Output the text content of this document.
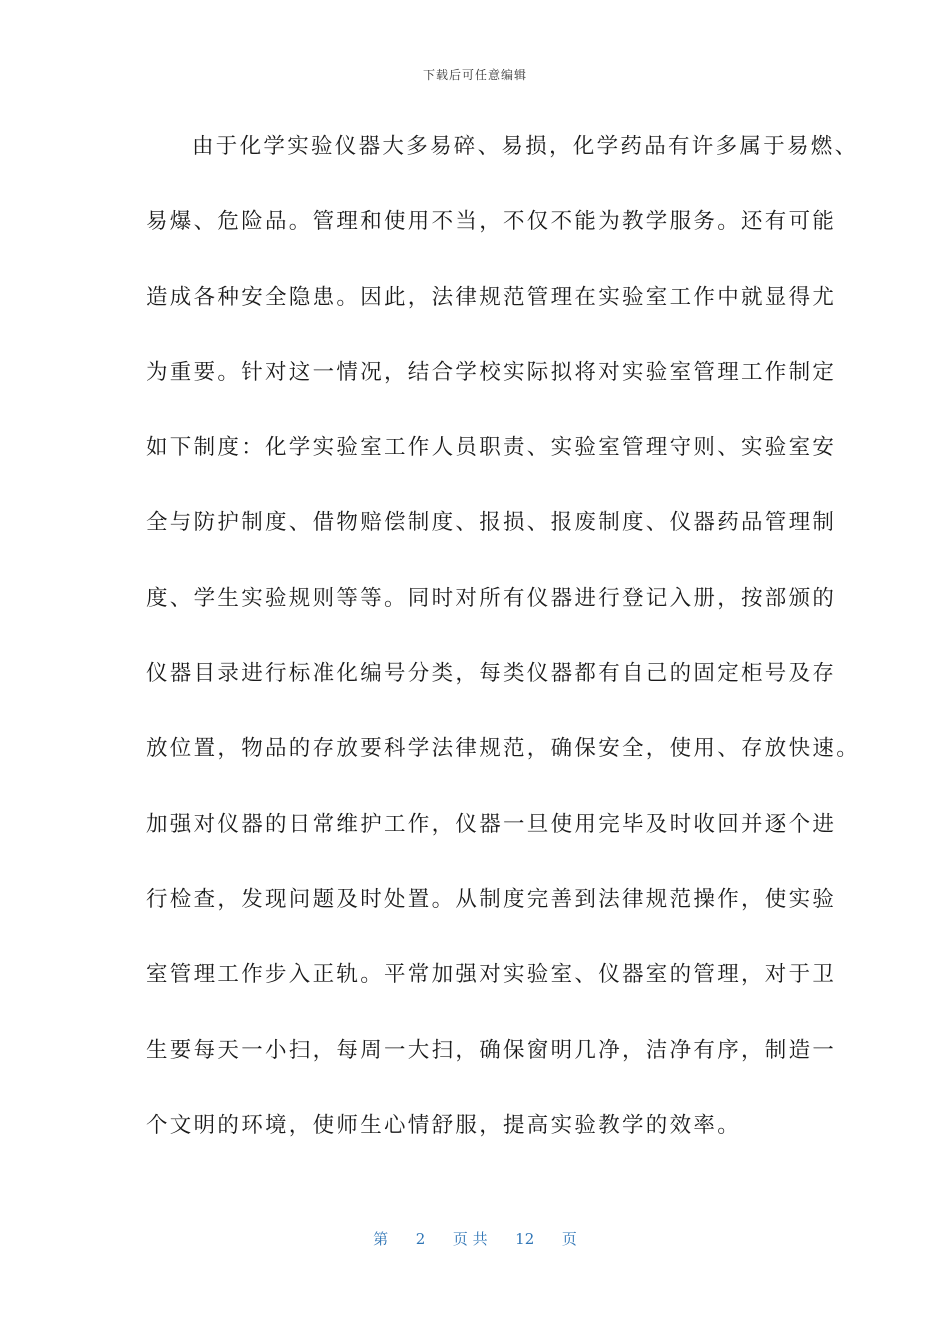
下载后可任意编辑
由于化学实验仪器大多易碎、易损，化学药品有许多属于易燃、
易爆、危险品。管理和使用不当，不仅不能为教学服务。还有可能
造成各种安全隐患。因此，法律规范管理在实验室工作中就显得尤
为重要。针对这一情况，结合学校实际拟将对实验室管理工作制定
如下制度：化学实验室工作人员职责、实验室管理守则、实验室安
全与防护制度、借物赔偿制度、报损、报废制度、仪器药品管理制
度、学生实验规则等等。同时对所有仪器进行登记入册，按部颁的
仪器目录进行标准化编号分类，每类仪器都有自己的固定柜号及存
放位置，物品的存放要科学法律规范，确保安全，使用、存放快速。
加强对仪器的日常维护工作，仪器一旦使用完毕及时收回并逐个进
行检查，发现问题及时处置。从制度完善到法律规范操作，使实验
室管理工作步入正轨。平常加强对实验室、仪器室的管理，对于卫
生要每天一小扫，每周一大扫，确保窗明几净，洁净有序，制造一
个文明的环境，使师生心情舒服，提高实验教学的效率。
第 2 页 共 12 页
